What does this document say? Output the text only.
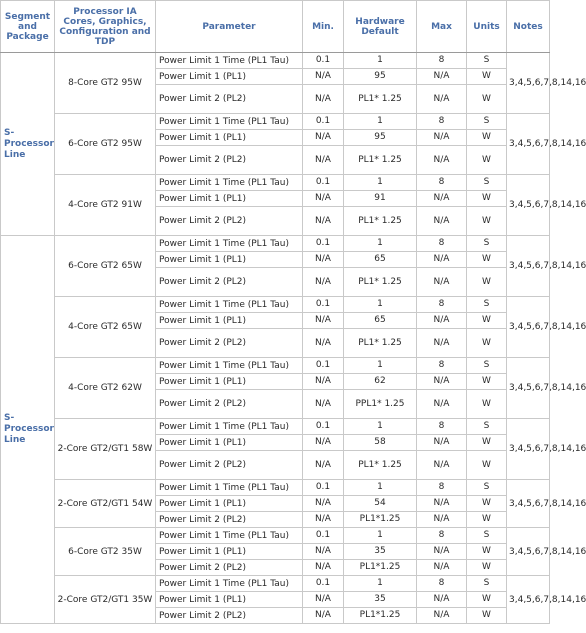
Segment and Package	Processor IA Cores, Graphics, Configuration and TDP	Parameter	Min.	Hardware Default	Max	Units	Notes
S-Processor Line	8-Core GT2 95W	Power Limit 1 Time (PL1 Tau)	0.1	1	8	S	3,4,5,6,7,8,14,16
		Power Limit 1 (PL1)	N/A	95	N/A	W	
		Power Limit 2 (PL2)	N/A	PL1* 1.25	N/A	W	
	6-Core GT2 95W	Power Limit 1 Time (PL1 Tau)	0.1	1	8	S	3,4,5,6,7,8,14,16
		Power Limit 1 (PL1)	N/A	95	N/A	W	
		Power Limit 2 (PL2)	N/A	PL1* 1.25	N/A	W	
	4-Core GT2 91W	Power Limit 1 Time (PL1 Tau)	0.1	1	8	S	3,4,5,6,7,8,14,16
		Power Limit 1 (PL1)	N/A	91	N/A	W	
		Power Limit 2 (PL2)	N/A	PL1* 1.25	N/A	W	
S-Processor Line	6-Core GT2 65W	Power Limit 1 Time (PL1 Tau)	0.1	1	8	S	3,4,5,6,7,8,14,16
		Power Limit 1 (PL1)	N/A	65	N/A	W	
		Power Limit 2 (PL2)	N/A	PL1* 1.25	N/A	W	
	4-Core GT2 65W	Power Limit 1 Time (PL1 Tau)	0.1	1	8	S	3,4,5,6,7,8,14,16
		Power Limit 1 (PL1)	N/A	65	N/A	W	
		Power Limit 2 (PL2)	N/A	PL1* 1.25	N/A	W	
	4-Core GT2 62W	Power Limit 1 Time (PL1 Tau)	0.1	1	8	S	3,4,5,6,7,8,14,16
		Power Limit 1 (PL1)	N/A	62	N/A	W	
		Power Limit 2 (PL2)	N/A	PPL1* 1.25	N/A	W	
	2-Core GT2/GT1 58W	Power Limit 1 Time (PL1 Tau)	0.1	1	8	S	3,4,5,6,7,8,14,16
		Power Limit 1 (PL1)	N/A	58	N/A	W	
		Power Limit 2 (PL2)	N/A	PL1* 1.25	N/A	W	
	2-Core GT2/GT1 54W	Power Limit 1 Time (PL1 Tau)	0.1	1	8	S	3,4,5,6,7,8,14,16
		Power Limit 1 (PL1)	N/A	54	N/A	W	
		Power Limit 2 (PL2)	N/A	PL1*1.25	N/A	W	
	6-Core GT2 35W	Power Limit 1 Time (PL1 Tau)	0.1	1	8	S	3,4,5,6,7,8,14,16
		Power Limit 1 (PL1)	N/A	35	N/A	W	
		Power Limit 2 (PL2)	N/A	PL1*1.25	N/A	W	
	2-Core GT2/GT1 35W	Power Limit 1 Time (PL1 Tau)	0.1	1	8	S	3,4,5,6,7,8,14,16
		Power Limit 1 (PL1)	N/A	35	N/A	W	
		Power Limit 2 (PL2)	N/A	PL1*1.25	N/A	W	
